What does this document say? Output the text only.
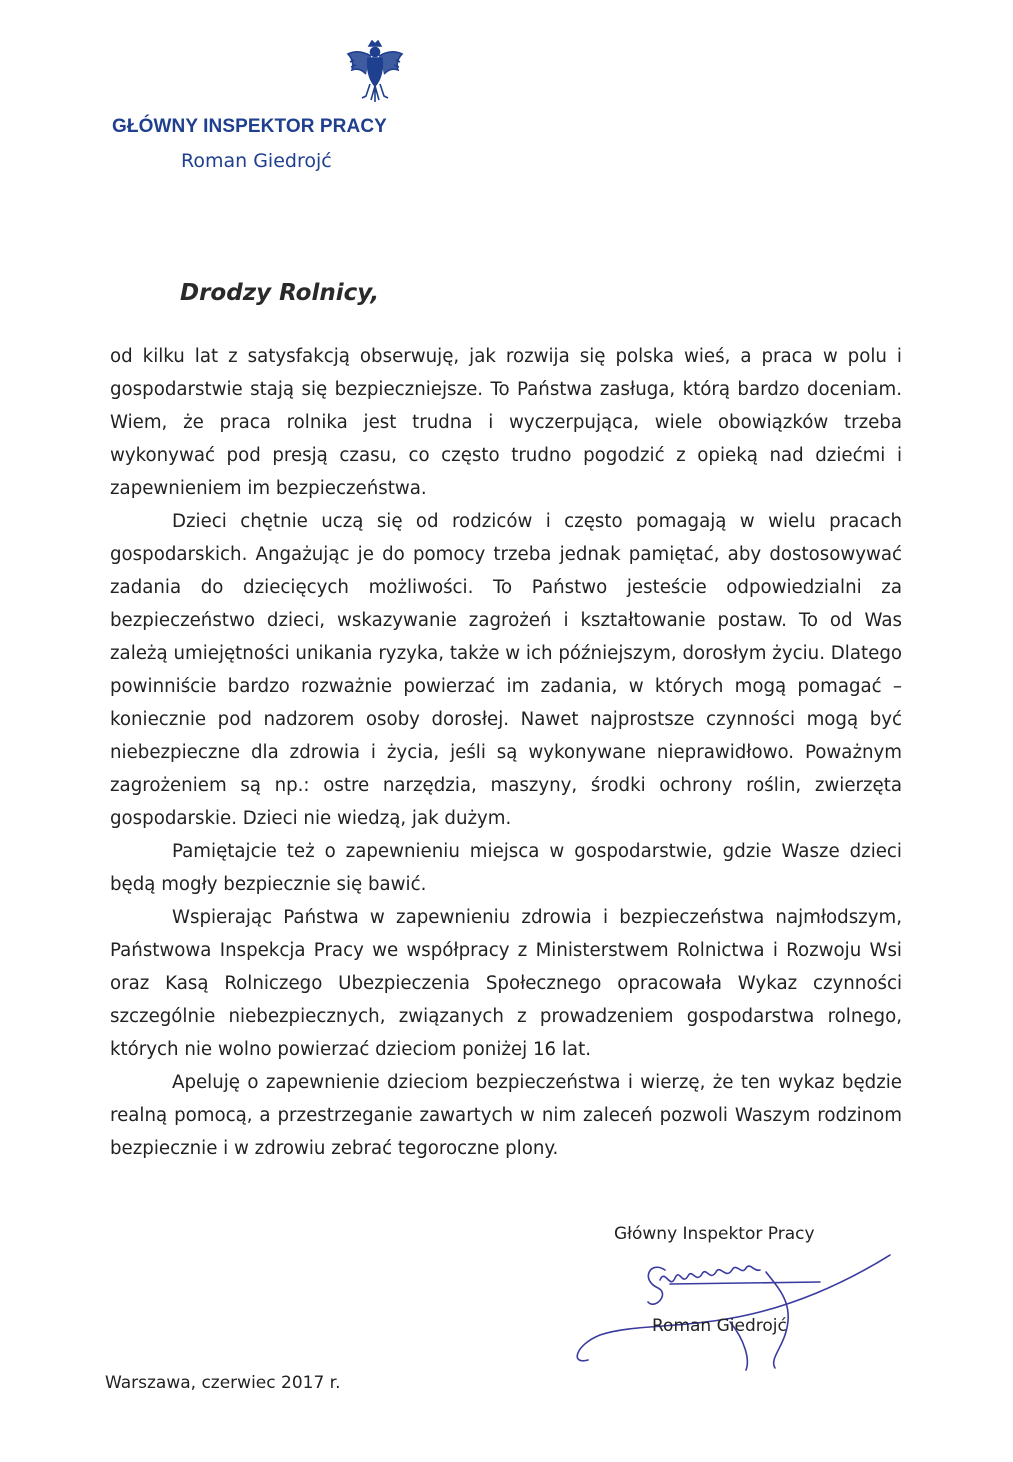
GŁÓWNY INSPEKTOR PRACY
Roman Giedrojć
Drodzy Rolnicy,

od kilku lat z satysfakcją obserwuję, jak rozwija się polska wieś, a praca w polu i gospodarstwie stają się bezpieczniejsze. To Państwa zasługa, którą bardzo doceniam. Wiem, że praca rolnika jest trudna i wyczerpująca, wiele obowiązków trzeba wykonywać pod presją czasu, co często trudno pogodzić z opieką nad dziećmi i zapewnieniem im bezpieczeństwa.

Dzieci chętnie uczą się od rodziców i często pomagają w wielu pracach gospodarskich. Angażując je do pomocy trzeba jednak pamiętać, aby dostosowywać zadania do dziecięcych możliwości. To Państwo jesteście odpowiedzialni za bezpieczeństwo dzieci, wskazywanie zagrożeń i kształtowanie postaw. To od Was zależą umiejętności unikania ryzyka, także w ich późniejszym, dorosłym życiu. Dlatego powinniście bardzo rozważnie powierzać im zadania, w których mogą pomagać – koniecznie pod nadzorem osoby dorosłej. Nawet najprostsze czynności mogą być niebezpieczne dla zdrowia i życia, jeśli są wykonywane nieprawidłowo. Poważnym zagrożeniem są np.: ostre narzędzia, maszyny, środki ochrony roślin, zwierzęta gospodarskie. Dzieci nie wiedzą, jak dużym.

Pamiętajcie też o zapewnieniu miejsca w gospodarstwie, gdzie Wasze dzieci będą mogły bezpiecznie się bawić.

Wspierając Państwa w zapewnieniu zdrowia i bezpieczeństwa najmłodszym, Państwowa Inspekcja Pracy we współpracy z Ministerstwem Rolnictwa i Rozwoju Wsi oraz Kasą Rolniczego Ubezpieczenia Społecznego opracowała Wykaz czynności szczególnie niebezpiecznych, związanych z prowadzeniem gospodarstwa rolnego, których nie wolno powierzać dzieciom poniżej 16 lat.

Apeluję o zapewnienie dzieciom bezpieczeństwa i wierzę, że ten wykaz będzie realną pomocą, a przestrzeganie zawartych w nim zaleceń pozwoli Waszym rodzinom bezpiecznie i w zdrowiu zebrać tegoroczne plony.

Główny Inspektor Pracy
Roman Giedrojć
Warszawa, czerwiec 2017 r.
